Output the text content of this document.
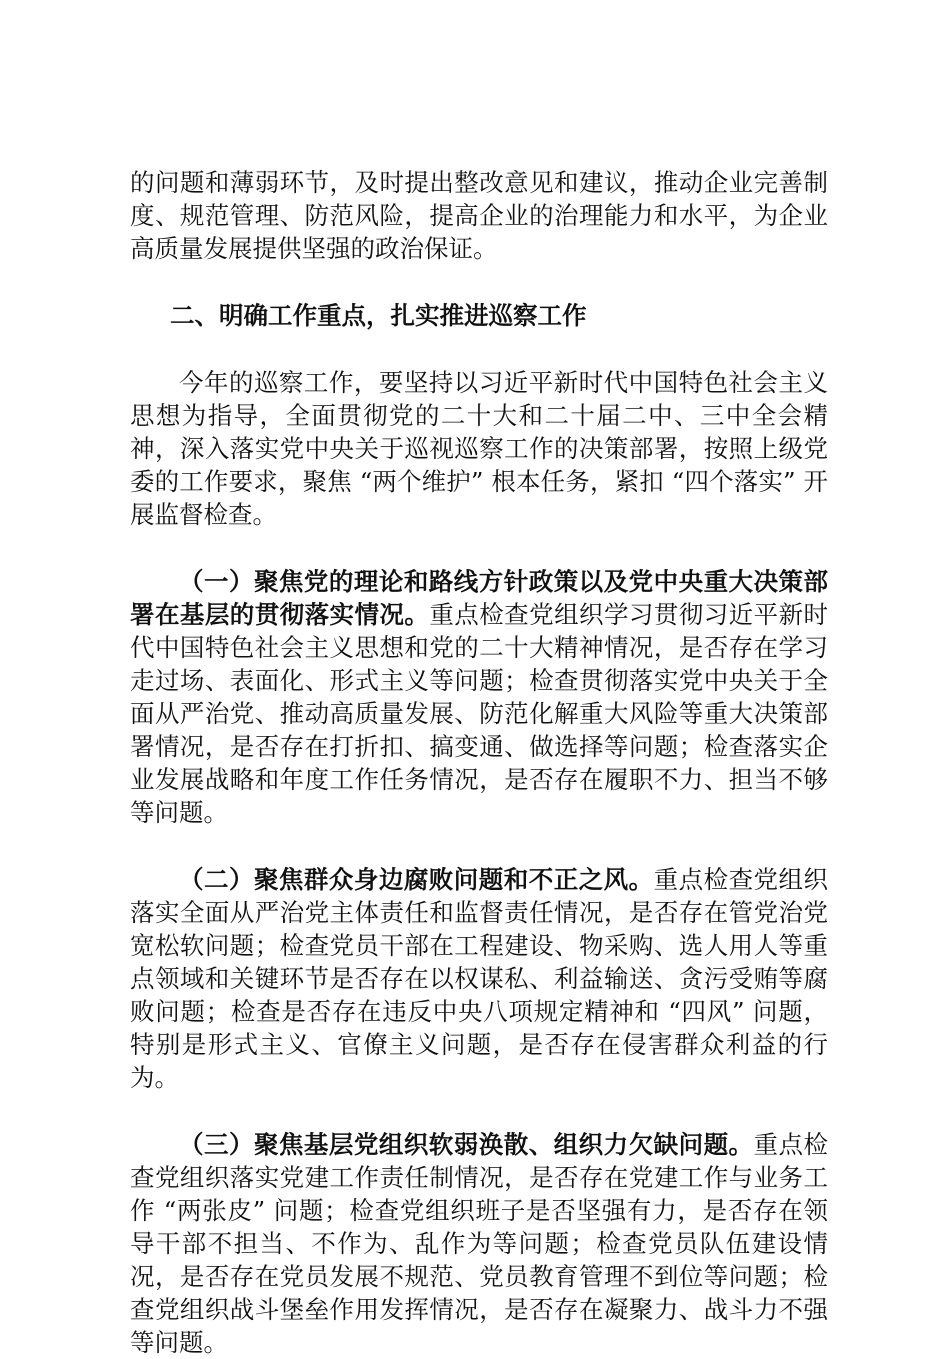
的问题和薄弱环节，及时提出整改意见和建议，推动企业完善制度、规范管理、防范风险，提高企业的治理能力和水平，为企业高质量发展提供坚强的政治保证。

二、明确工作重点，扎实推进巡察工作

今年的巡察工作，要坚持以习近平新时代中国特色社会主义思想为指导，全面贯彻党的二十大和二十届二中、三中全会精神，深入落实党中央关于巡视巡察工作的决策部署，按照上级党委的工作要求，聚焦 “两个维护” 根本任务，紧扣 “四个落实” 开展监督检查。

（一）聚焦党的理论和路线方针政策以及党中央重大决策部署在基层的贯彻落实情况。重点检查党组织学习贯彻习近平新时代中国特色社会主义思想和党的二十大精神情况，是否存在学习走过场、表面化、形式主义等问题；检查贯彻落实党中央关于全面从严治党、推动高质量发展、防范化解重大风险等重大决策部署情况，是否存在打折扣、搞变通、做选择等问题；检查落实企业发展战略和年度工作任务情况，是否存在履职不力、担当不够等问题。

（二）聚焦群众身边腐败问题和不正之风。重点检查党组织落实全面从严治党主体责任和监督责任情况，是否存在管党治党宽松软问题；检查党员干部在工程建设、物采购、选人用人等重点领域和关键环节是否存在以权谋私、利益输送、贪污受贿等腐败问题；检查是否存在违反中央八项规定精神和 “四风” 问题，特别是形式主义、官僚主义问题，是否存在侵害群众利益的行为。

（三）聚焦基层党组织软弱涣散、组织力欠缺问题。重点检查党组织落实党建工作责任制情况，是否存在党建工作与业务工作 “两张皮” 问题；检查党组织班子是否坚强有力，是否存在领导干部不担当、不作为、乱作为等问题；检查党员队伍建设情况，是否存在党员发展不规范、党员教育管理不到位等问题；检查党组织战斗堡垒作用发挥情况，是否存在凝聚力、战斗力不强等问题。
